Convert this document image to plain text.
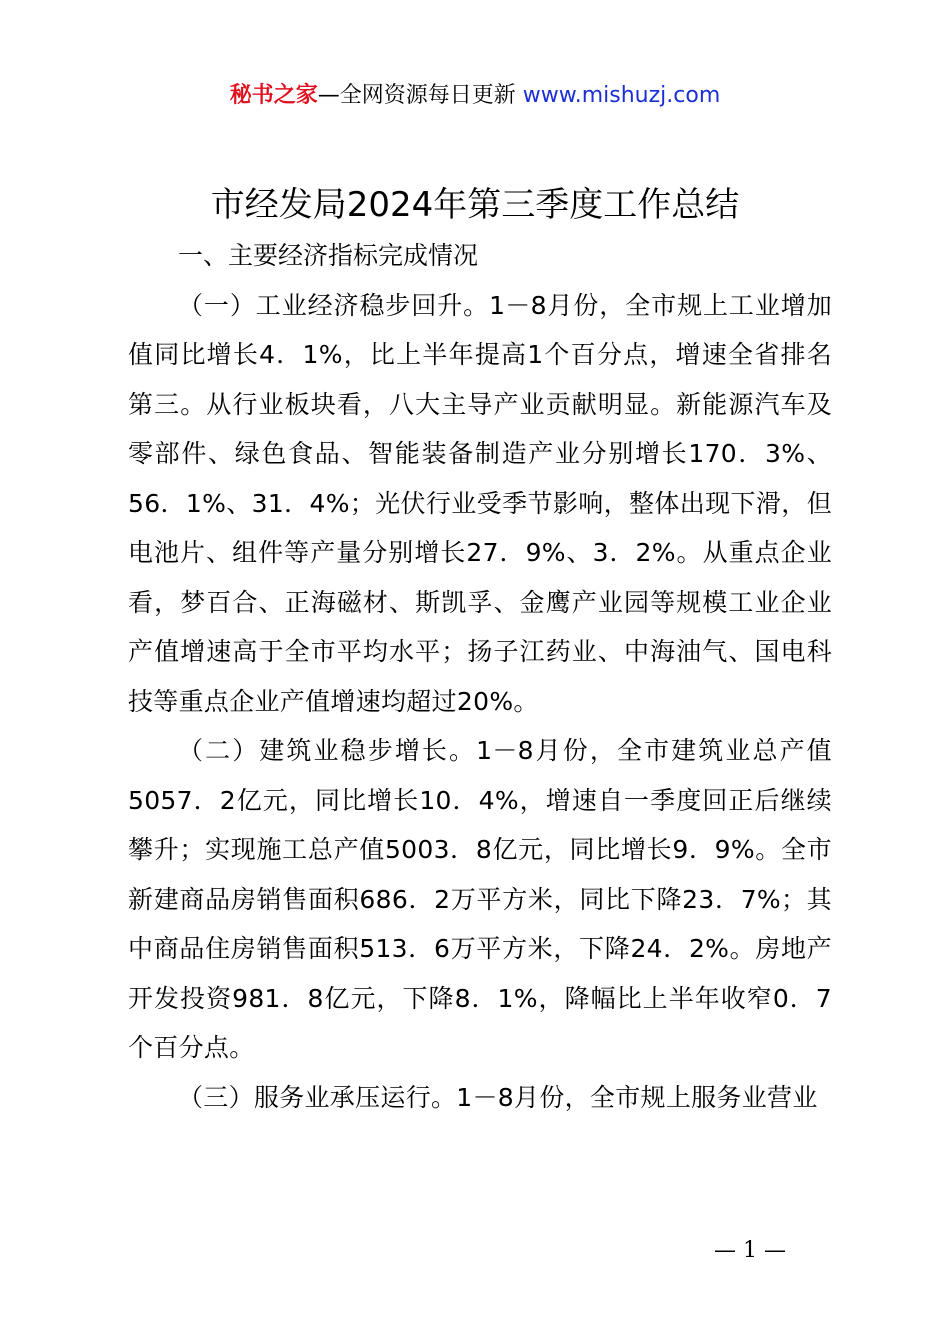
秘书之家—全网资源每日更新 www.mishuzj.com
市经发局2024年第三季度工作总结

一、主要经济指标完成情况

（一）工业经济稳步回升。1－8月份，全市规上工业增加值同比增长4．1%，比上半年提高1个百分点，增速全省排名第三。从行业板块看，八大主导产业贡献明显。新能源汽车及零部件、绿色食品、智能装备制造产业分别增长170．3%、56．1%、31．4%；光伏行业受季节影响，整体出现下滑，但电池片、组件等产量分别增长27．9%、3．2%。从重点企业看，梦百合、正海磁材、斯凯孚、金鹰产业园等规模工业企业产值增速高于全市平均水平；扬子江药业、中海油气、国电科技等重点企业产值增速均超过20%。

（二）建筑业稳步增长。1－8月份，全市建筑业总产值5057．2亿元，同比增长10．4%，增速自一季度回正后继续攀升；实现施工总产值5003．8亿元，同比增长9．9%。全市新建商品房销售面积686．2万平方米，同比下降23．7%；其中商品住房销售面积513．6万平方米，下降24．2%。房地产开发投资981．8亿元，下降8．1%，降幅比上半年收窄0．7个百分点。

（三）服务业承压运行。1－8月份，全市规上服务业营业

— 1 —
